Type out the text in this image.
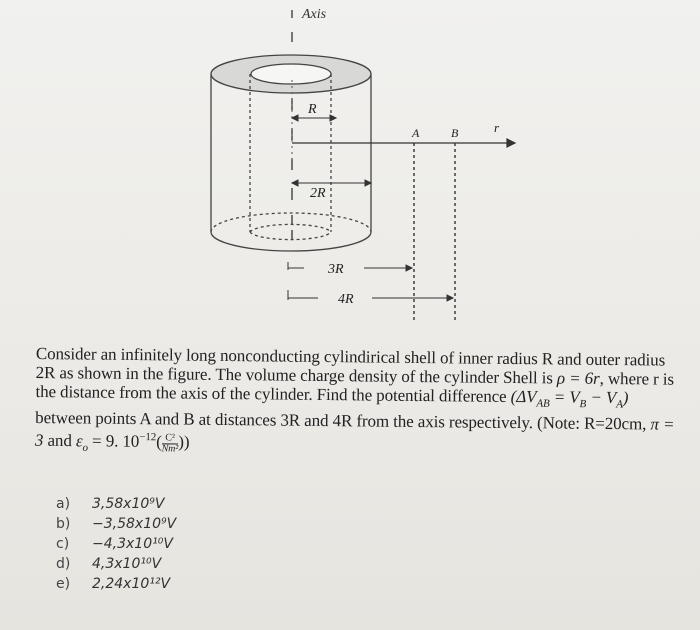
Axis
R
A	B	r
2R
3R
4R

Consider an infinitely long nonconducting cylindirical shell of inner radius R and outer radius 2R as shown in the figure. The volume charge density of the cylinder Shell is ρ = 6r, where r is the distance from the axis of the cylinder. Find the potential difference $(\Delta V_{AB} = V_B - V_A)$ between points A and B at distances 3R and 4R from the axis respectively. (Note: R=20cm, π = 3 and $\varepsilon_o = 9$. $10^{-12}( \frac{\text{C²}}{\text{Nm²}}$ ))

a)	3,58x10⁹V
b)	−3,58x10⁹V
c)	−4,3x10¹⁰V
d)	4,3x10¹⁰V
e)	2,24x10¹²V
